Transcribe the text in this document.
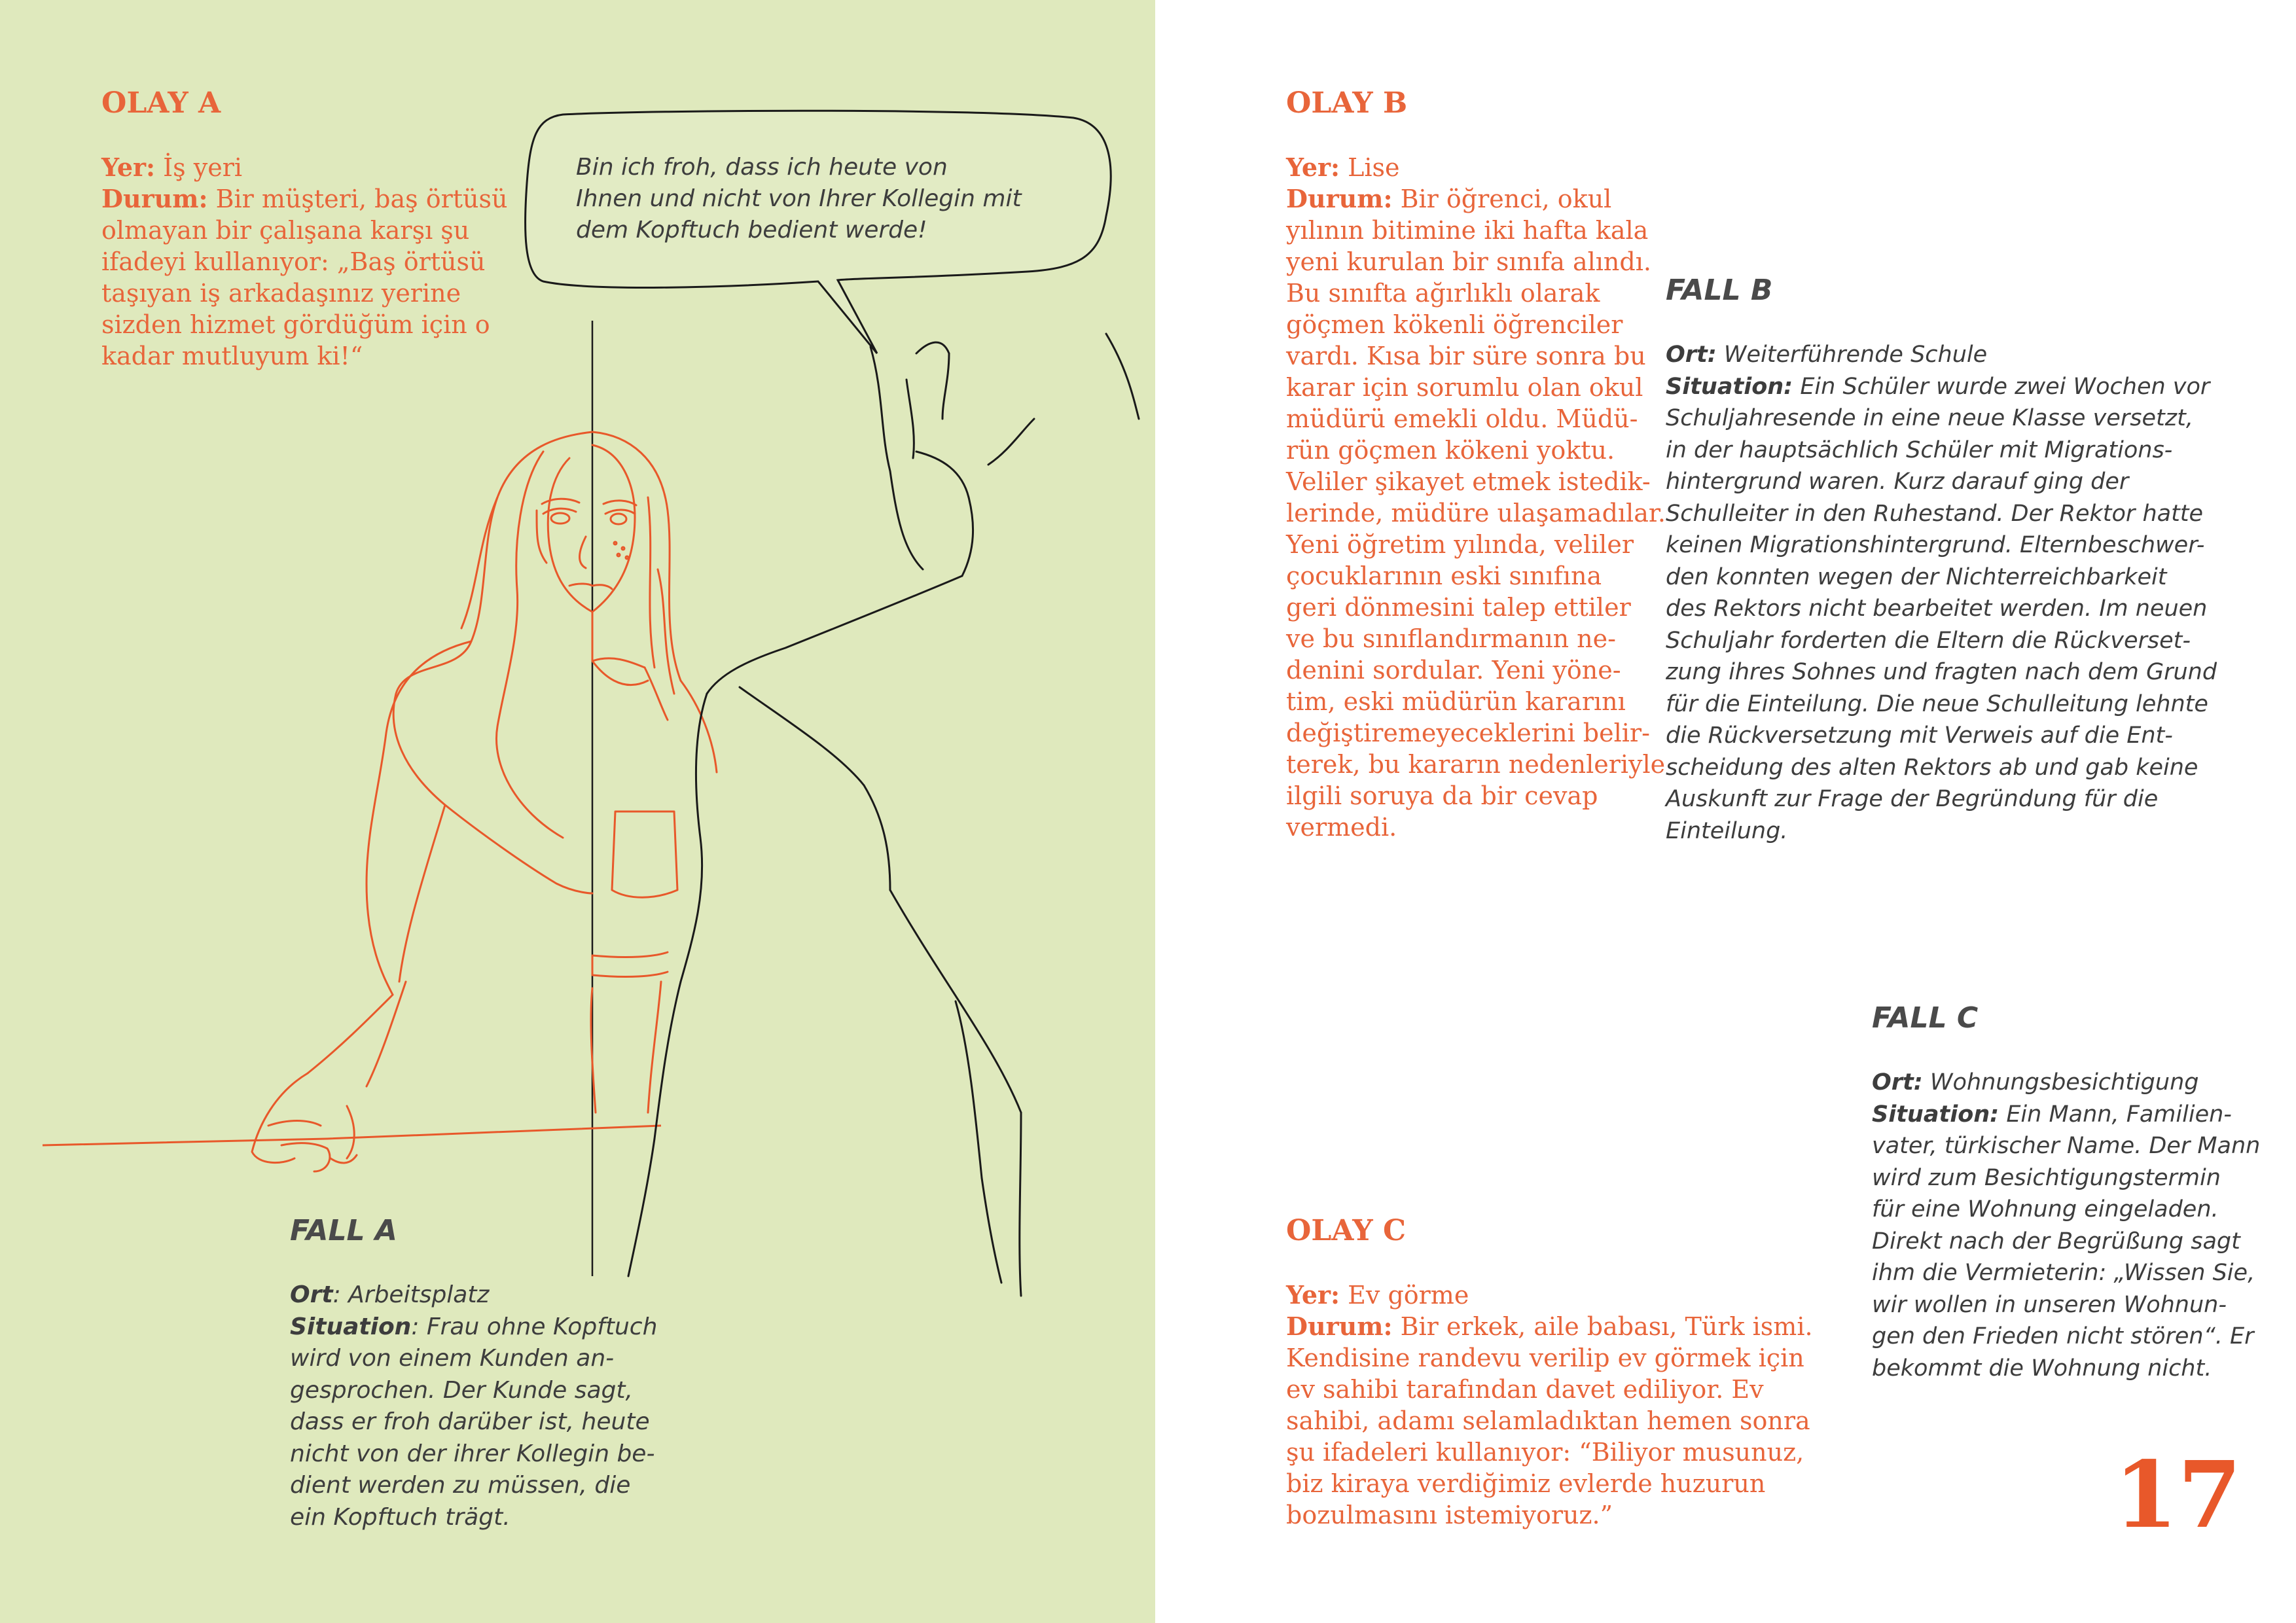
Bin ich froh, dass ich heute von
Ihnen und nicht von Ihrer Kollegin mit
dem Kopftuch bedient werde!
OLAY A
Yer: İş yeri
Durum: Bir müşteri, baş örtüsü
olmayan bir çalışana karşı şu
ifadeyi kullanıyor: „Baş örtüsü
taşıyan iş arkadaşınız yerine
sizden hizmet gördüğüm için o
kadar mutluyum ki!“
FALL A
Ort: Arbeitsplatz
Situation: Frau ohne Kopftuch
wird von einem Kunden an-
gesprochen. Der Kunde sagt,
dass er froh darüber ist, heute
nicht von der ihrer Kollegin be-
dient werden zu müssen, die
ein Kopftuch trägt.
OLAY B
Yer: Lise
Durum: Bir öğrenci, okul
yılının bitimine iki hafta kala
yeni kurulan bir sınıfa alındı.
Bu sınıfta ağırlıklı olarak
göçmen kökenli öğrenciler
vardı. Kısa bir süre sonra bu
karar için sorumlu olan okul
müdürü emekli oldu. Müdü-
rün göçmen kökeni yoktu.
Veliler şikayet etmek istedik-
lerinde, müdüre ulaşamadılar.
Yeni öğretim yılında, veliler
çocuklarının eski sınıfına
geri dönmesini talep ettiler
ve bu sınıflandırmanın ne-
denini sordular. Yeni yöne-
tim, eski müdürün kararını
değiştiremeyeceklerini belir-
terek, bu kararın nedenleriyle
ilgili soruya da bir cevap
vermedi.
FALL B
Ort: Weiterführende Schule
Situation: Ein Schüler wurde zwei Wochen vor
Schuljahresende in eine neue Klasse versetzt,
in der hauptsächlich Schüler mit Migrations-
hintergrund waren. Kurz darauf ging der
Schulleiter in den Ruhestand. Der Rektor hatte
keinen Migrationshintergrund. Elternbeschwer-
den konnten wegen der Nichterreichbarkeit
des Rektors nicht bearbeitet werden. Im neuen
Schuljahr forderten die Eltern die Rückverset-
zung ihres Sohnes und fragten nach dem Grund
für die Einteilung. Die neue Schulleitung lehnte
die Rückversetzung mit Verweis auf die Ent-
scheidung des alten Rektors ab und gab keine
Auskunft zur Frage der Begründung für die
Einteilung.
FALL C
Ort: Wohnungsbesichtigung
Situation: Ein Mann, Familien-
vater, türkischer Name. Der Mann
wird zum Besichtigungstermin
für eine Wohnung eingeladen.
Direkt nach der Begrüßung sagt
ihm die Vermieterin: „Wissen Sie,
wir wollen in unseren Wohnun-
gen den Frieden nicht stören“. Er
bekommt die Wohnung nicht.
OLAY C
Yer: Ev görme
Durum: Bir erkek, aile babası, Türk ismi.
Kendisine randevu verilip ev görmek için
ev sahibi tarafından davet ediliyor. Ev
sahibi, adamı selamladıktan hemen sonra
şu ifadeleri kullanıyor: “Biliyor musunuz,
biz kiraya verdiğimiz evlerde huzurun
bozulmasını istemiyoruz.”	17
